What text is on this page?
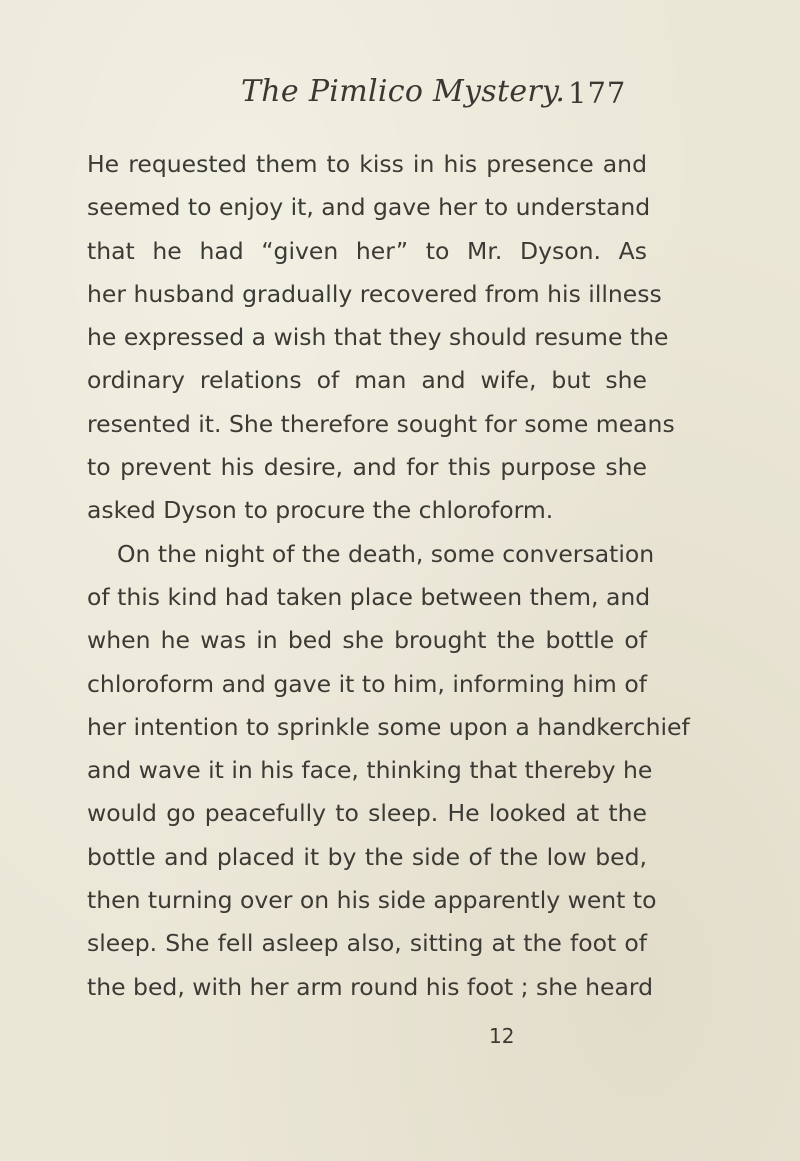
The Pimlico Mystery. 177
He requested them to kiss in his presence and
seemed to enjoy it, and gave her to understand
that he had “given her” to Mr. Dyson. As
her husband gradually recovered from his illness
he expressed a wish that they should resume the
ordinary relations of man and wife, but she
resented it. She therefore sought for some means
to prevent his desire, and for this purpose she
asked Dyson to procure the chloroform.
On the night of the death, some conversation
of this kind had taken place between them, and
when he was in bed she brought the bottle of
chloroform and gave it to him, informing him of
her intention to sprinkle some upon a handkerchief
and wave it in his face, thinking that thereby he
would go peacefully to sleep. He looked at the
bottle and placed it by the side of the low bed,
then turning over on his side apparently went to
sleep. She fell asleep also, sitting at the foot of
the bed, with her arm round his foot ; she heard
12
